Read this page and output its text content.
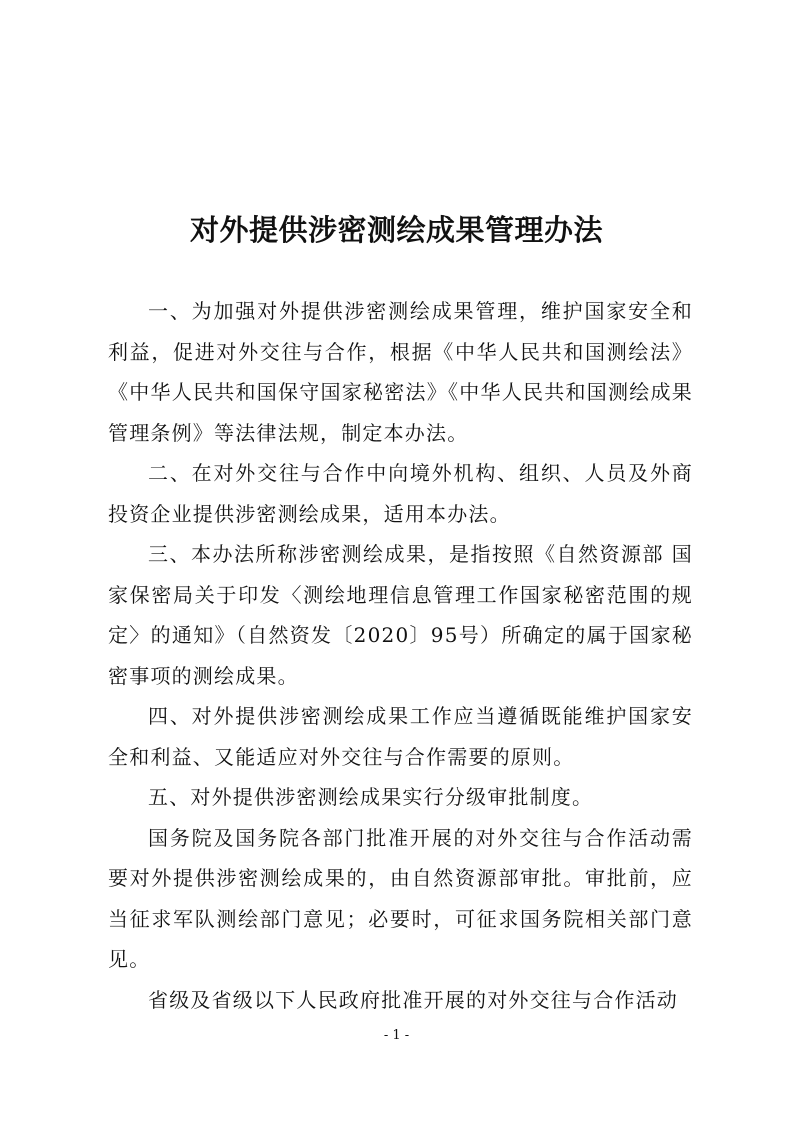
对外提供涉密测绘成果管理办法

一、为加强对外提供涉密测绘成果管理，维护国家安全和利益，促进对外交往与合作，根据《中华人民共和国测绘法》《中华人民共和国保守国家秘密法》《中华人民共和国测绘成果管理条例》等法律法规，制定本办法。

二、在对外交往与合作中向境外机构、组织、人员及外商投资企业提供涉密测绘成果，适用本办法。

三、本办法所称涉密测绘成果，是指按照《自然资源部 国家保密局关于印发〈测绘地理信息管理工作国家秘密范围的规定〉的通知》（自然资发〔2020〕95号）所确定的属于国家秘密事项的测绘成果。

四、对外提供涉密测绘成果工作应当遵循既能维护国家安全和利益、又能适应对外交往与合作需要的原则。

五、对外提供涉密测绘成果实行分级审批制度。

国务院及国务院各部门批准开展的对外交往与合作活动需要对外提供涉密测绘成果的，由自然资源部审批。审批前，应当征求军队测绘部门意见；必要时，可征求国务院相关部门意见。

省级及省级以下人民政府批准开展的对外交往与合作活动

- 1 -
